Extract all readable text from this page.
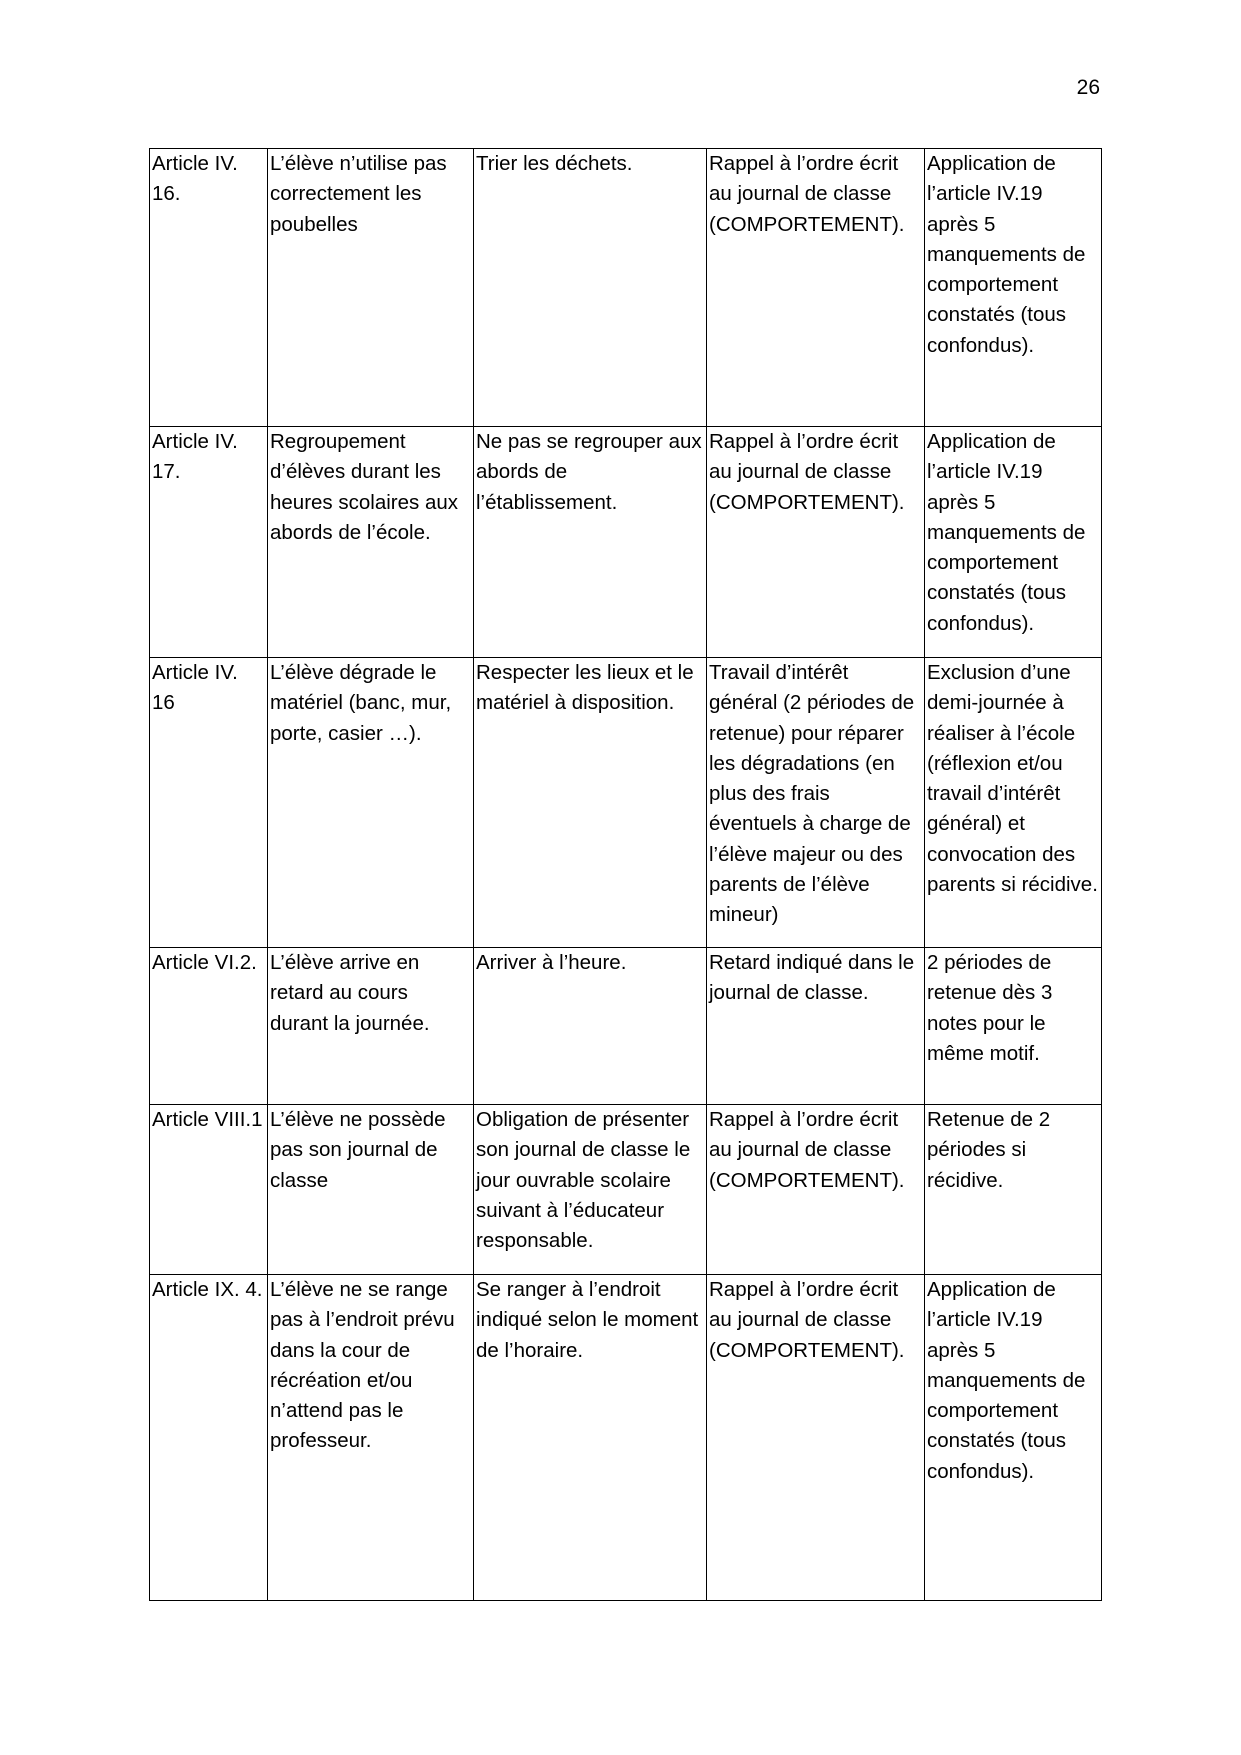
26
Article IV. 16.	L’élève n’utilise pas correctement les poubelles	Trier les déchets.	Rappel à l’ordre écrit au journal de classe (COMPORTEMENT).	Application de l’article IV.19 après 5 manquements de comportement constatés (tous confondus).
Article IV. 17.	Regroupement d’élèves durant les heures scolaires aux abords de l’école.	Ne pas se regrouper aux abords de l’établissement.	Rappel à l’ordre écrit au journal de classe (COMPORTEMENT).	Application de l’article IV.19 après 5 manquements de comportement constatés (tous confondus).
Article IV. 16	L’élève dégrade le matériel (banc, mur, porte, casier …).	Respecter les lieux et le matériel à disposition.	Travail d’intérêt général (2 périodes de retenue) pour réparer les dégradations (en plus des frais éventuels à charge de l’élève majeur ou des parents de l’élève mineur)	Exclusion d’une demi-journée à réaliser à l’école (réflexion et/ou travail d’intérêt général) et convocation des parents si récidive.
Article VI.2.	L’élève arrive en retard au cours durant la journée.	Arriver à l’heure.	Retard indiqué dans le journal de classe.	2 périodes de retenue dès 3 notes pour le même motif.
Article VIII.1	L’élève ne possède pas son journal de classe	Obligation de présenter son journal de classe le jour ouvrable scolaire suivant à l’éducateur responsable.	Rappel à l’ordre écrit au journal de classe (COMPORTEMENT).	Retenue de 2 périodes si récidive.
Article IX. 4.	L’élève ne se range pas à l’endroit prévu dans la cour de récréation et/ou n’attend pas le professeur.	Se ranger à l’endroit indiqué selon le moment de l’horaire.	Rappel à l’ordre écrit au journal de classe (COMPORTEMENT).	Application de l’article IV.19 après 5 manquements de comportement constatés (tous confondus).
